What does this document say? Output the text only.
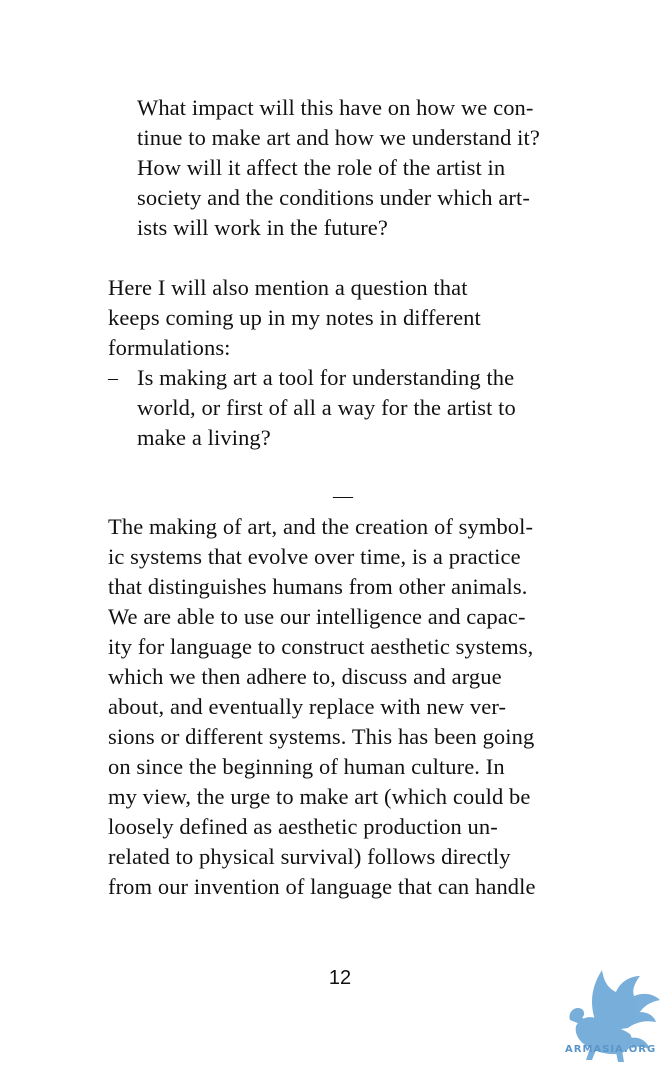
What impact will this have on how we con-
tinue to make art and how we understand it?
How will it affect the role of the artist in
society and the conditions under which art-
ists will work in the future?
Here I will also mention a question that
keeps coming up in my notes in different
formulations:
– Is making art a tool for understanding the
world, or first of all a way for the artist to
make a living?
—
The making of art, and the creation of symbol-
ic systems that evolve over time, is a practice
that distinguishes humans from other animals.
We are able to use our intelligence and capac-
ity for language to construct aesthetic systems,
which we then adhere to, discuss and argue
about, and eventually replace with new ver-
sions or different systems. This has been going
on since the beginning of human culture. In
my view, the urge to make art (which could be
loosely defined as aesthetic production un-
related to physical survival) follows directly
from our invention of language that can handle
12
ARMASIA.ORG
